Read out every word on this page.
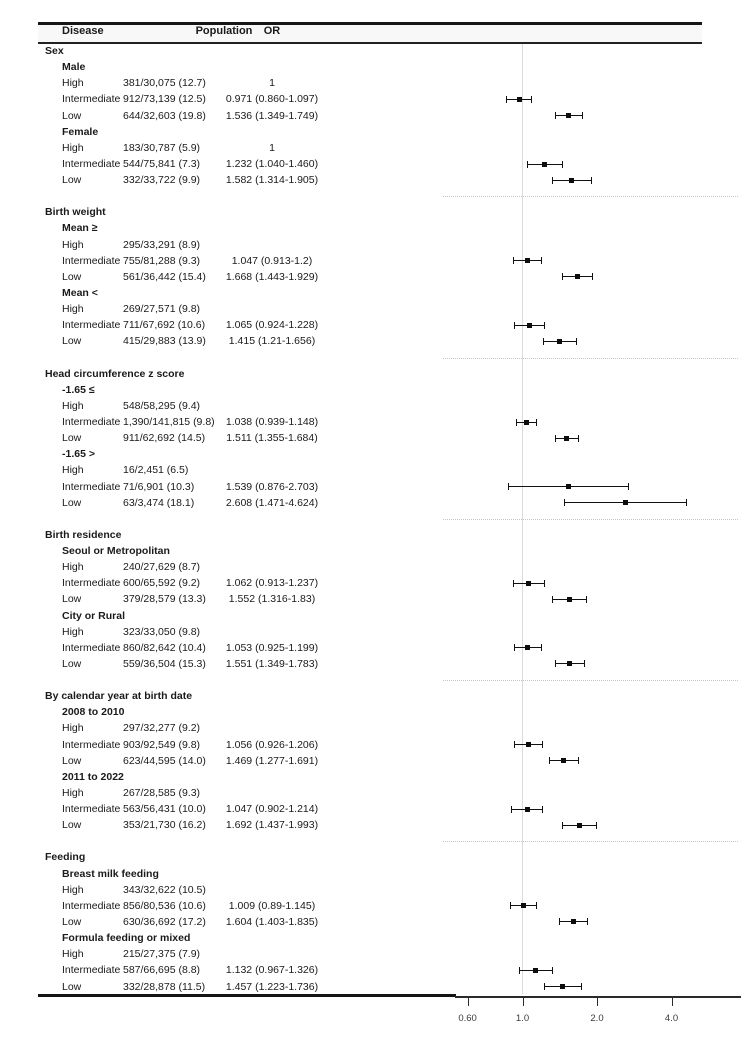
Disease	Population	OR
Sex
Male
High	381/30,075 (12.7)	1
Intermediate 912/73,139 (12.5)	0.971 (0.860-1.097)
Low	644/32,603 (19.8)	1.536 (1.349-1.749)
Female
High	183/30,787 (5.9)	1
Intermediate 544/75,841 (7.3)	1.232 (1.040-1.460)
Low	332/33,722 (9.9)	1.582 (1.314-1.905)
Birth weight
Mean ≥
High	295/33,291 (8.9)
Intermediate 755/81,288 (9.3)	1.047 (0.913-1.2)
Low	561/36,442 (15.4)	1.668 (1.443-1.929)
Mean <
High	269/27,571 (9.8)
Intermediate 711/67,692 (10.6)	1.065 (0.924-1.228)
Low	415/29,883 (13.9)	1.415 (1.21-1.656)
Head circumference z score
-1.65 ≤
High	548/58,295 (9.4)
Intermediate 1,390/141,815 (9.8)	1.038 (0.939-1.148)
Low	911/62,692 (14.5)	1.511 (1.355-1.684)
-1.65 >
High	16/2,451 (6.5)
Intermediate 71/6,901 (10.3)	1.539 (0.876-2.703)
Low	63/3,474 (18.1)	2.608 (1.471-4.624)
Birth residence
Seoul or Metropolitan
High	240/27,629 (8.7)
Intermediate 600/65,592 (9.2)	1.062 (0.913-1.237)
Low	379/28,579 (13.3)	1.552 (1.316-1.83)
City or Rural
High	323/33,050 (9.8)
Intermediate 860/82,642 (10.4)	1.053 (0.925-1.199)
Low	559/36,504 (15.3)	1.551 (1.349-1.783)
By calendar year at birth date
2008 to 2010
High	297/32,277 (9.2)
Intermediate 903/92,549 (9.8)	1.056 (0.926-1.206)
Low	623/44,595 (14.0)	1.469 (1.277-1.691)
2011 to 2022
High	267/28,585 (9.3)
Intermediate 563/56,431 (10.0)	1.047 (0.902-1.214)
Low	353/21,730 (16.2)	1.692 (1.437-1.993)
Feeding
Breast milk feeding
High	343/32,622 (10.5)
Intermediate 856/80,536 (10.6)	1.009 (0.89-1.145)
Low	630/36,692 (17.2)	1.604 (1.403-1.835)
Formula feeding or mixed
High	215/27,375 (7.9)
Intermediate 587/66,695 (8.8)	1.132 (0.967-1.326)
Low	332/28,878 (11.5)	1.457 (1.223-1.736)
0.60	1.0	2.0	4.0
